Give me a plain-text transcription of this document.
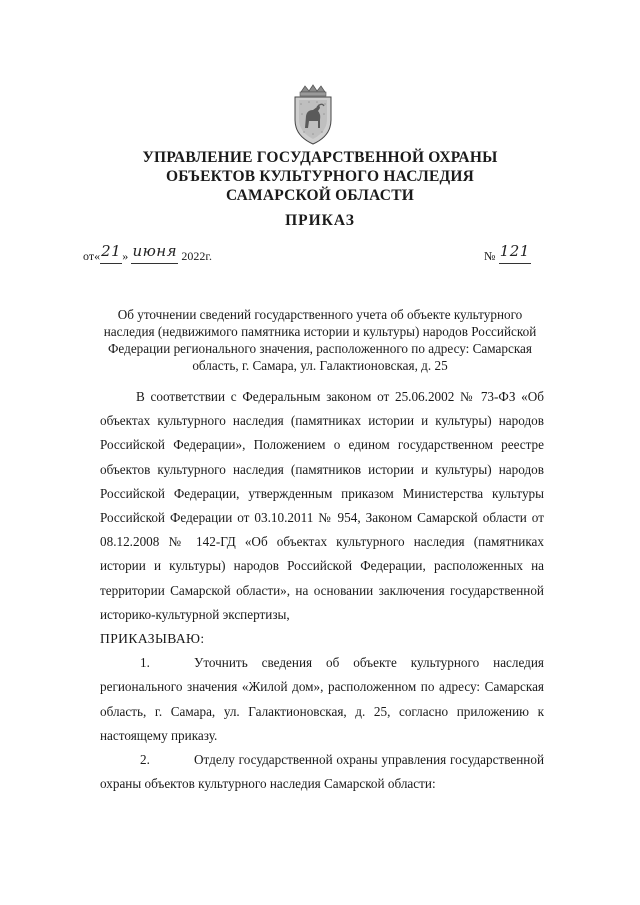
УПРАВЛЕНИЕ ГОСУДАРСТВЕННОЙ ОХРАНЫ
ОБЪЕКТОВ КУЛЬТУРНОГО НАСЛЕДИЯ
САМАРСКОЙ ОБЛАСТИ
ПРИКАЗ
от«21» июня 2022г.	№ 121
Об уточнении сведений государственного учета об объекте культурного
наследия (недвижимого памятника истории и культуры) народов Российской
Федерации регионального значения, расположенного по адресу: Самарская
область, г. Самара, ул. Галактионовская, д. 25

В соответствии с Федеральным законом от 25.06.2002 № 73-ФЗ «Об объектах культурного наследия (памятниках истории и культуры) народов Российской Федерации», Положением о едином государственном реестре объектов культурного наследия (памятников истории и культуры) народов Российской Федерации, утвержденным приказом Министерства культуры Российской Федерации от 03.10.2011 № 954, Законом Самарской области от 08.12.2008 № 142-ГД «Об объектах культурного наследия (памятниках истории и культуры) народов Российской Федерации, расположенных на территории Самарской области», на основании заключения государственной историко-культурной экспертизы,

ПРИКАЗЫВАЮ:

1.	Уточнить сведения об объекте культурного наследия регионального значения «Жилой дом», расположенном по адресу: Самарская область, г. Самара, ул. Галактионовская, д. 25, согласно приложению к настоящему приказу.

2.	Отделу государственной охраны управления государственной охраны объектов культурного наследия Самарской области:
